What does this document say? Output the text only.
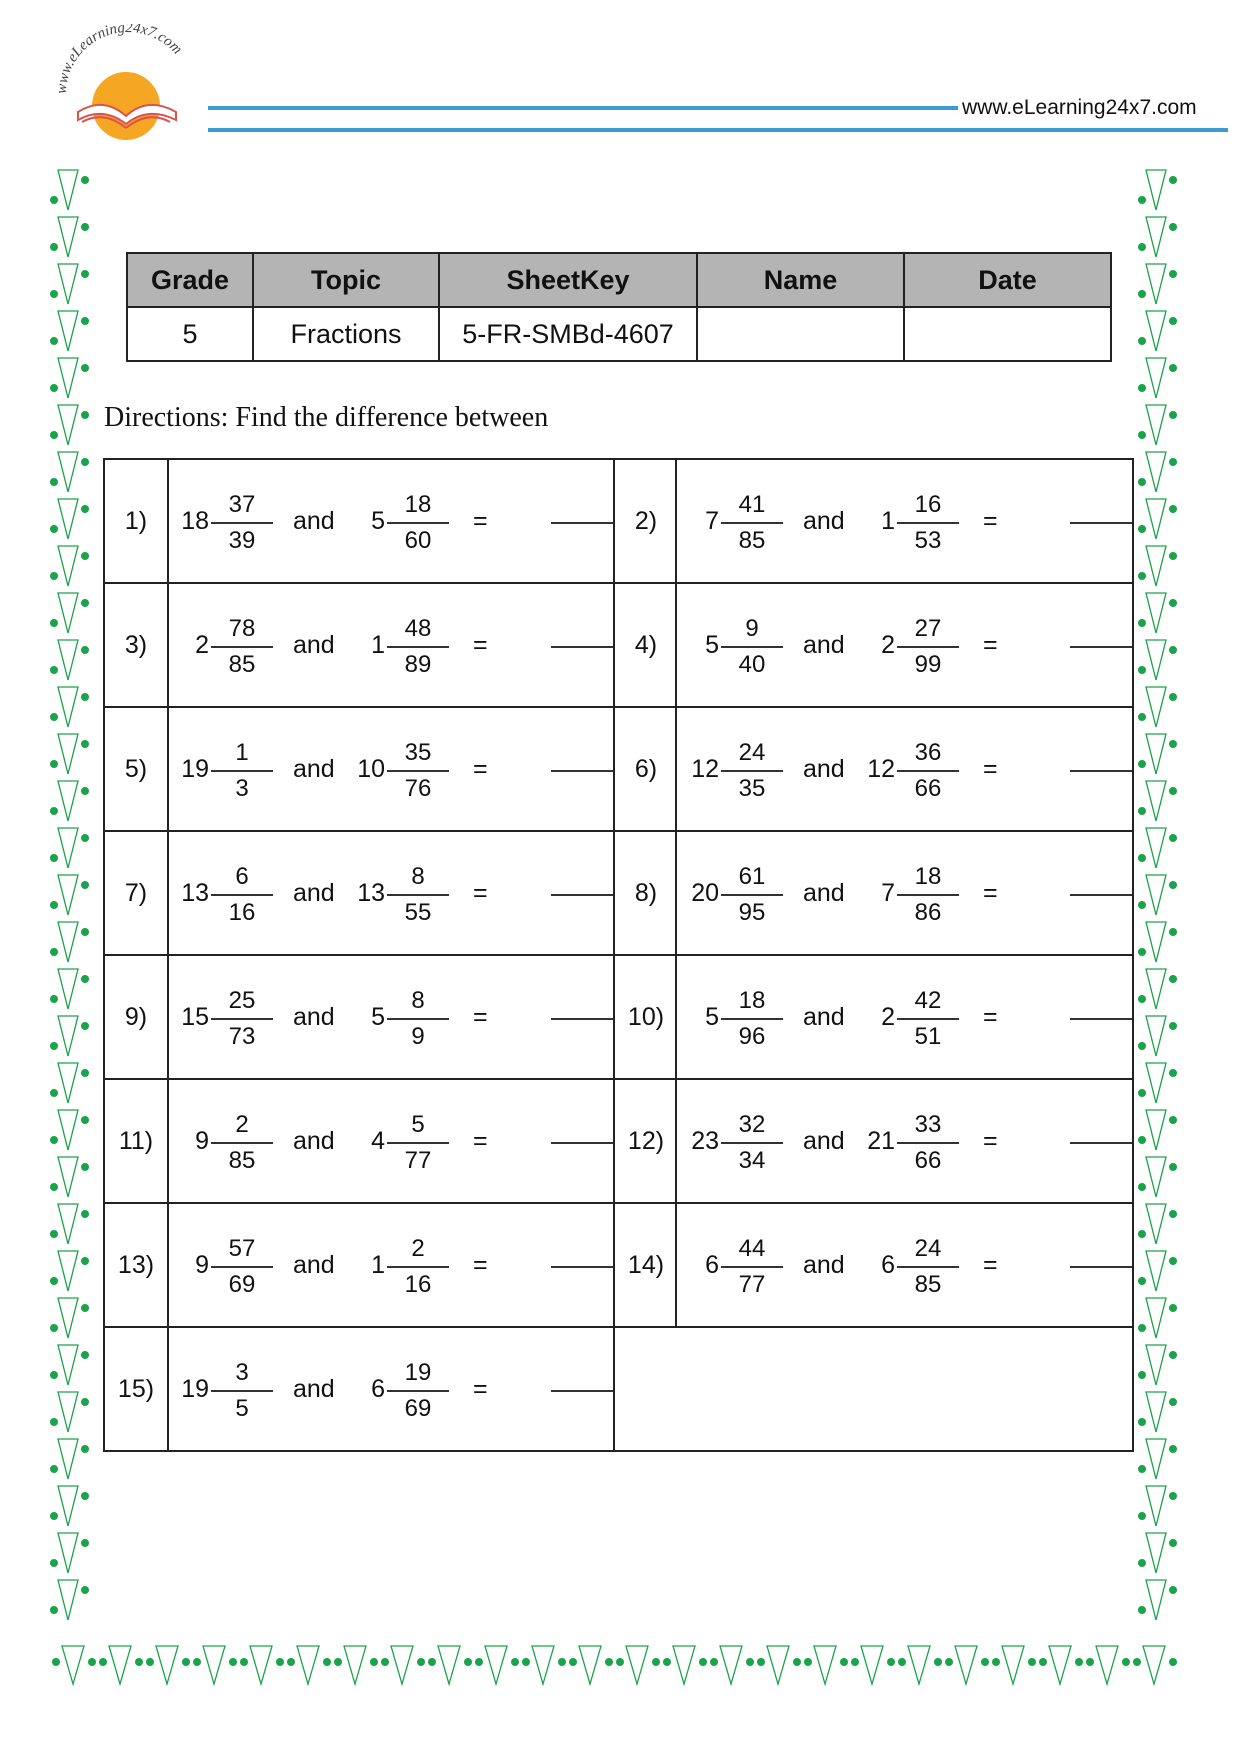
www.eLearning24x7.com
www.eLearning24x7.com
Grade	Topic	SheetKey	Name	Date
5	Fractions	5-FR-SMBd-4607		
Directions: Find the difference between
1)	18
37
39
and	5
18
60
=	2)	7
41
85
and	1
16
53
=
3)	2
78
85
and	1
48
89
=	4)	5
9
40
and	2
27
99
=
5)	19
1
3
and 10
35
76
=	6)	12
24
35
and 12
36
66
=
7)	13
6
16
and 13
8
55
=	8)	20
61
95
and	7
18
86
=
9)	15
25
73
and	5
8
9
=	10)	5
18
96
and	2
42
51
=
11)	9
2
85
and	4
5
77
=	12)	23
32
34
and 21
33
66
=
13)	9
57
69
and	1
2
16
=	14)	6
44
77
and	6
24
85
=
15)	19
3
5
and	6
19
69
=
